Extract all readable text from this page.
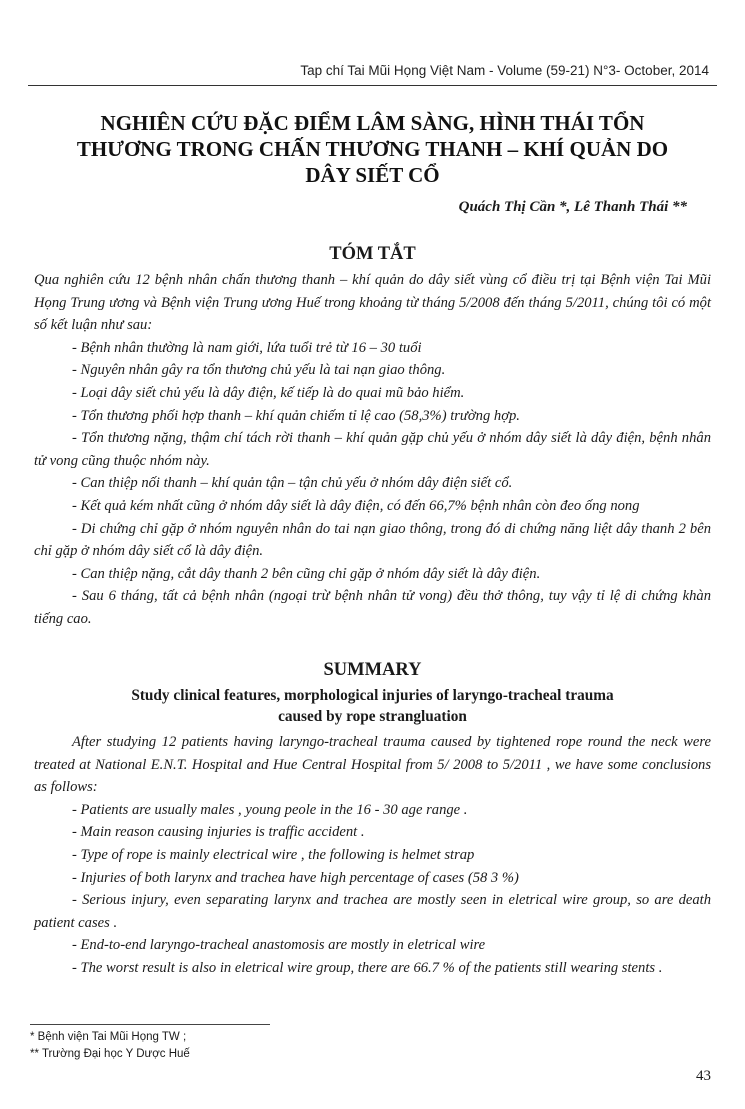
Tap chí Tai Mũi Họng Việt Nam - Volume (59-21) N°3- October, 2014
NGHIÊN CỨU ĐẶC ĐIỂM LÂM SÀNG, HÌNH THÁI TỔN
THƯƠNG TRONG CHẤN THƯƠNG THANH – KHÍ QUẢN DO
DÂY SIẾT CỔ
Quách Thị Cần *, Lê Thanh Thái **
TÓM TẮT

Qua nghiên cứu 12 bệnh nhân chấn thương thanh – khí quản do dây siết vùng cổ điều trị tại Bệnh viện Tai Mũi Họng Trung ương và Bệnh viện Trung ương Huế trong khoảng từ tháng 5/2008 đến tháng 5/2011, chúng tôi có một số kết luận như sau:

- Bệnh nhân thường là nam giới, lứa tuổi trẻ từ 16 – 30 tuổi

- Nguyên nhân gây ra tổn thương chủ yếu là tai nạn giao thông.

- Loại dây siết chủ yếu là dây điện, kế tiếp là do quai mũ bảo hiểm.

- Tổn thương phối hợp thanh – khí quản chiếm tỉ lệ cao (58,3%) trường hợp.

- Tổn thương nặng, thậm chí tách rời thanh – khí quản gặp chủ yếu ở nhóm dây siết là dây điện, bệnh nhân tử vong cũng thuộc nhóm này.

- Can thiệp nối thanh – khí quản tận – tận chủ yếu ở nhóm dây điện siết cổ.

- Kết quả kém nhất cũng ở nhóm dây siết là dây điện, có đến 66,7% bệnh nhân còn đeo ống nong

- Di chứng chỉ gặp ở nhóm nguyên nhân do tai nạn giao thông, trong đó di chứng năng liệt dây thanh 2 bên chỉ gặp ở nhóm dây siết cổ là dây điện.

- Can thiệp nặng, cắt dây thanh 2 bên cũng chỉ gặp ở nhóm dây siết là dây điện.

- Sau 6 tháng, tất cả bệnh nhân (ngoại trừ bệnh nhân tử vong) đều thở thông, tuy vậy tỉ lệ di chứng khàn tiếng cao.

SUMMARY
Study clinical features, morphological injuries of laryngo-tracheal trauma
caused by rope strangluation

After studying 12 patients having laryngo-tracheal trauma caused by tightened rope round the neck were treated at National E.N.T. Hospital and Hue Central Hospital from 5/ 2008 to 5/2011 , we have some conclusions as follows:

- Patients are usually males , young peole in the 16 - 30 age range .

- Main reason causing injuries is traffic accident .

- Type of rope is mainly electrical wire , the following is helmet strap

- Injuries of both larynx and trachea have high percentage of cases (58 3 %)

- Serious injury, even separating larynx and trachea are mostly seen in eletrical wire group, so are death patient cases .

- End-to-end laryngo-tracheal anastomosis are mostly in eletrical wire

- The worst result is also in eletrical wire group, there are 66.7 % of the patients still wearing stents .

* Bệnh viện Tai Mũi Họng TW ;
** Trường Đại học Y Dược Huế
43
